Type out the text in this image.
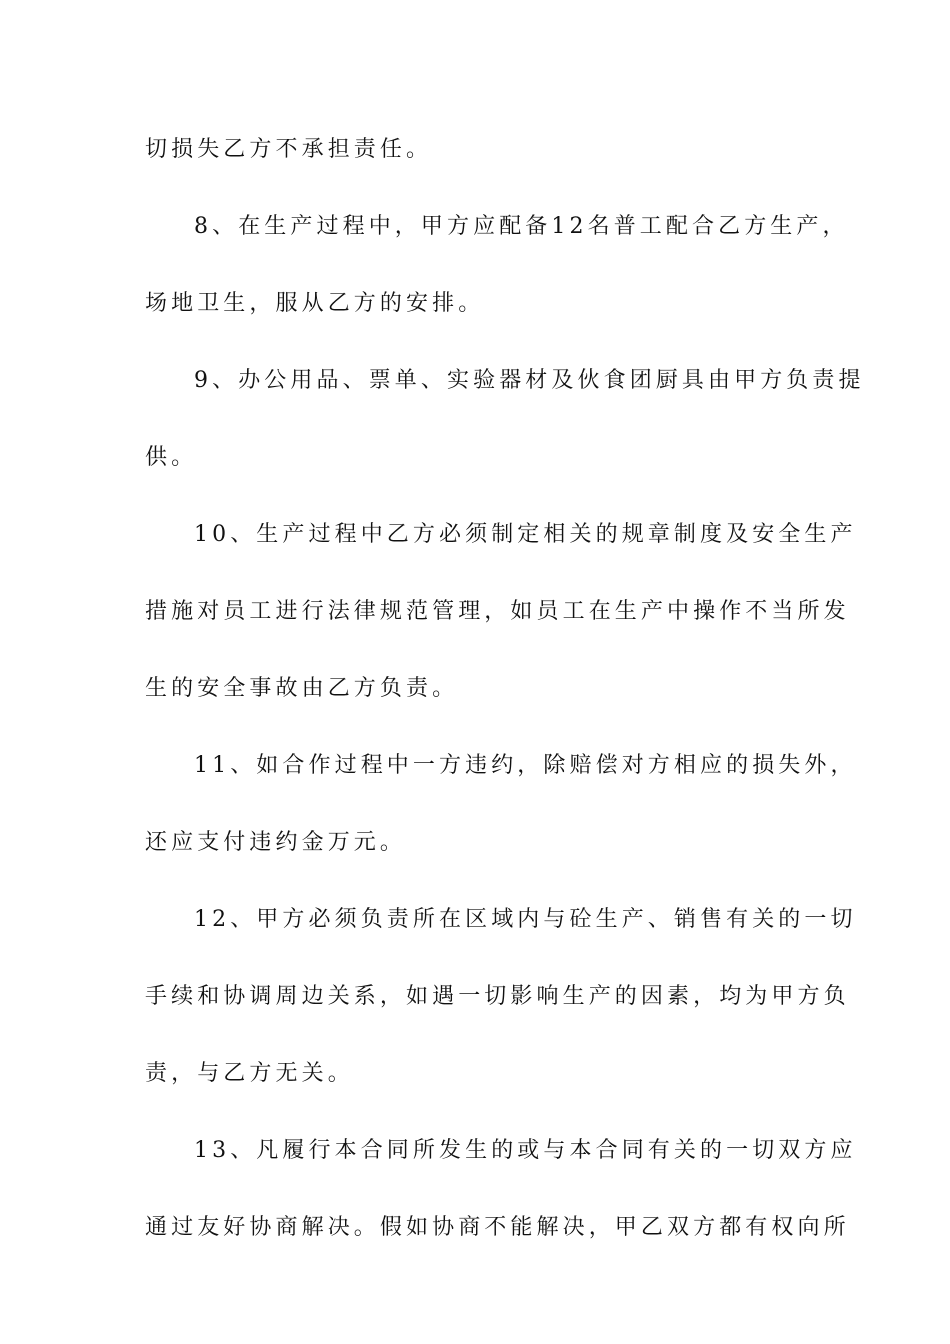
切损失乙方不承担责任。

8、在生产过程中，甲方应配备12名普工配合乙方生产，

场地卫生，服从乙方的安排。

9、办公用品、票单、实验器材及伙食团厨具由甲方负责提

供。

10、生产过程中乙方必须制定相关的规章制度及安全生产

措施对员工进行法律规范管理，如员工在生产中操作不当所发

生的安全事故由乙方负责。

11、如合作过程中一方违约，除赔偿对方相应的损失外，

还应支付违约金万元。

12、甲方必须负责所在区域内与砼生产、销售有关的一切

手续和协调周边关系，如遇一切影响生产的因素，均为甲方负

责，与乙方无关。

13、凡履行本合同所发生的或与本合同有关的一切双方应

通过友好协商解决。假如协商不能解决，甲乙双方都有权向所
